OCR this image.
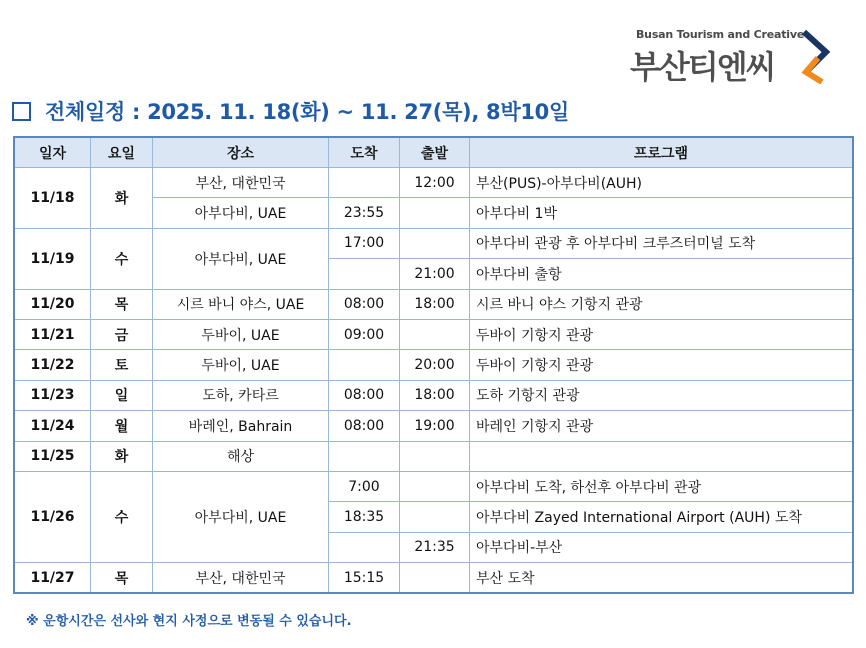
Busan Tourism and Creative
부산티엔씨
전체일정 : 2025. 11. 18(화) ~ 11. 27(목), 8박10일
일자	요일	장소	도착	출발	프로그램
11/18	화	부산, 대한민국		12:00	부산(PUS)-아부다비(AUH)
		아부다비, UAE	23:55		아부다비 1박
11/19	수	아부다비, UAE	17:00		아부다비 관광 후 아부다비 크루즈터미널 도착
				21:00	아부다비 출항
11/20	목	시르 바니 야스, UAE	08:00	18:00	시르 바니 야스 기항지 관광
11/21	금	두바이, UAE	09:00		두바이 기항지 관광
11/22	토	두바이, UAE		20:00	두바이 기항지 관광
11/23	일	도하, 카타르	08:00	18:00	도하 기항지 관광
11/24	월	바레인, Bahrain	08:00	19:00	바레인 기항지 관광
11/25	화	해상			
11/26	수	아부다비, UAE	7:00		아부다비 도착, 하선후 아부다비 관광
			18:35		아부다비 Zayed International Airport (AUH) 도착
				21:35	아부다비-부산
11/27	목	부산, 대한민국	15:15		부산 도착
※ 운항시간은 선사와 현지 사정으로 변동될 수 있습니다.
